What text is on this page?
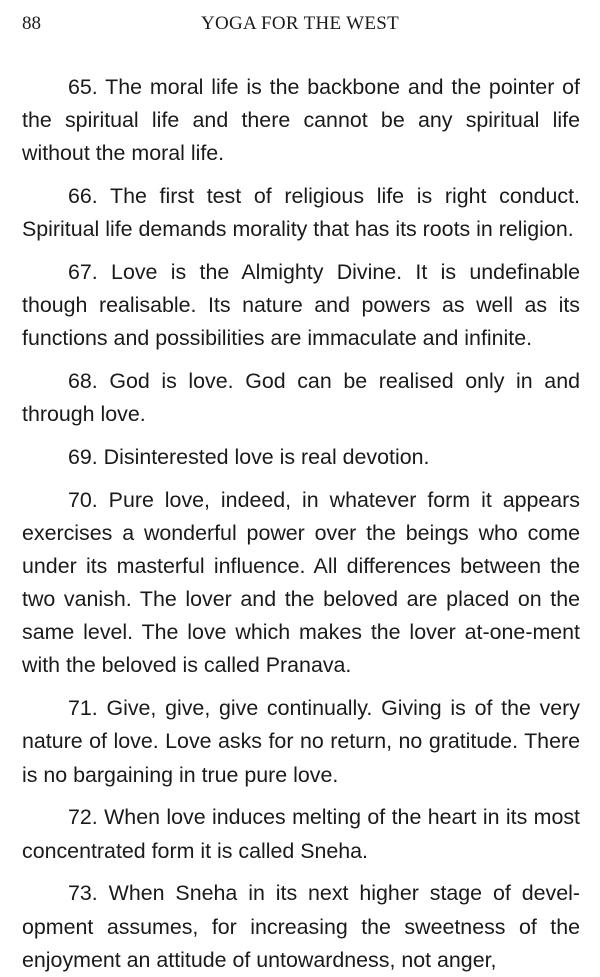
88	YOGA FOR THE WEST

65. The moral life is the backbone and the pointer of the spiritual life and there cannot be any spiritual life without the moral life.

66. The first test of religious life is right conduct. Spiritual life demands morality that has its roots in religion.

67. Love is the Almighty Divine. It is undefinable though realisable. Its nature and powers as well as its functions and possibilities are immaculate and infinite.

68. God is love. God can be realised only in and through love.

69. Disinterested love is real devotion.

70. Pure love, indeed, in whatever form it appears exercises a wonderful power over the beings who come under its masterful influence. All differences between the two vanish. The lover and the beloved are placed on the same level. The love which makes the lover at-one-ment with the beloved is called Pranava.

71. Give, give, give continually. Giving is of the very nature of love. Love asks for no return, no gratitude. There is no bargaining in true pure love.

72. When love induces melting of the heart in its most concentrated form it is called Sneha.

73. When Sneha in its next higher stage of development assumes, for increasing the sweetness of the enjoyment an attitude of untowardness, not anger,
